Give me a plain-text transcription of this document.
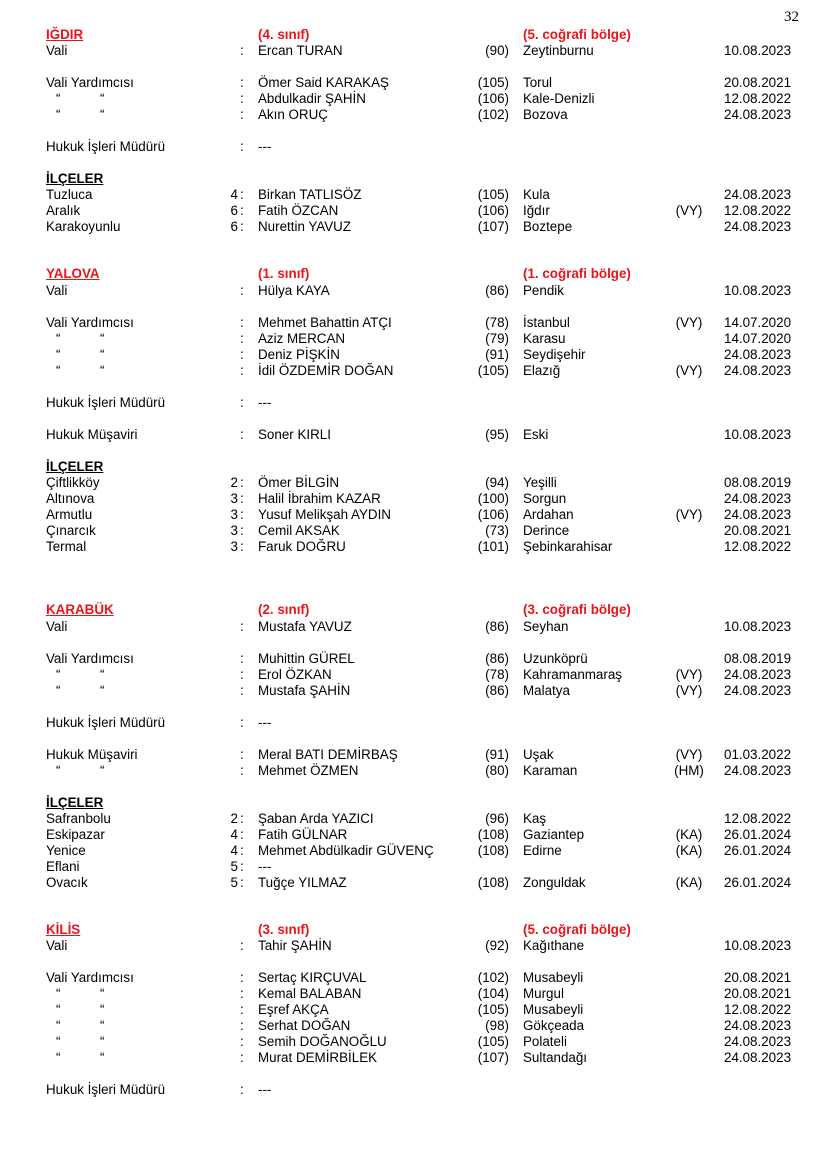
32
IĞDIR	(4. sınıf)	(5. coğrafi bölge)
Vali	: Ercan TURAN	(90) Zeytinburnu	10.08.2023
Vali Yardımcısı	: Ömer Said KARAKAŞ	(105) Torul	20.08.2021
“	“	: Abdulkadir ŞAHİN	(106) Kale-Denizli	12.08.2022
“	“	: Akın ORUÇ	(102) Bozova	24.08.2023
Hukuk İşleri Müdürü	: ---
İLÇELER
Tuzluca	4 : Birkan TATLISÖZ	(105) Kula	24.08.2023
Aralık	6 : Fatih ÖZCAN	(106) Iğdır	(VY) 12.08.2022
Karakoyunlu	6 : Nurettin YAVUZ	(107) Boztepe	24.08.2023
YALOVA	(1. sınıf)	(1. coğrafi bölge)
Vali	: Hülya KAYA	(86) Pendik	10.08.2023
Vali Yardımcısı	: Mehmet Bahattin ATÇI	(78) İstanbul	(VY) 14.07.2020
“	“	: Aziz MERCAN	(79) Karasu	14.07.2020
“	“	: Deniz PİŞKİN	(91) Seydişehir	24.08.2023
“	“	: İdil ÖZDEMİR DOĞAN	(105) Elazığ	(VY) 24.08.2023
Hukuk İşleri Müdürü	: ---
Hukuk Müşaviri	: Soner KIRLI	(95) Eski	10.08.2023
İLÇELER
Çiftlikköy	2 : Ömer BİLGİN	(94) Yeşilli	08.08.2019
Altınova	3 : Halil İbrahim KAZAR	(100) Sorgun	24.08.2023
Armutlu	3 : Yusuf Melikşah AYDIN	(106) Ardahan	(VY) 24.08.2023
Çınarcık	3 : Cemil AKSAK	(73) Derince	20.08.2021
Termal	3 : Faruk DOĞRU	(101) Şebinkarahisar	12.08.2022
KARABÜK	(2. sınıf)	(3. coğrafi bölge)
Vali	: Mustafa YAVUZ	(86) Seyhan	10.08.2023
Vali Yardımcısı	: Muhittin GÜREL	(86) Uzunköprü	08.08.2019
“	“	: Erol ÖZKAN	(78) Kahramanmaraş	(VY) 24.08.2023
“	“	: Mustafa ŞAHİN	(86) Malatya	(VY) 24.08.2023
Hukuk İşleri Müdürü	: ---
Hukuk Müşaviri	: Meral BATI DEMİRBAŞ	(91) Uşak	(VY) 01.03.2022
“	“	: Mehmet ÖZMEN	(80) Karaman	(HM) 24.08.2023
İLÇELER
Safranbolu	2 : Şaban Arda YAZICI	(96) Kaş	12.08.2022
Eskipazar	4 : Fatih GÜLNAR	(108) Gaziantep	(KA) 26.01.2024
Yenice	4 : Mehmet Abdülkadir GÜVENÇ	(108) Edirne	(KA) 26.01.2024
Eflani	5 : ---
Ovacık	5 : Tuğçe YILMAZ	(108) Zonguldak	(KA) 26.01.2024
KİLİS	(3. sınıf)	(5. coğrafi bölge)
Vali	: Tahir ŞAHİN	(92) Kağıthane	10.08.2023
Vali Yardımcısı	: Sertaç KIRÇUVAL	(102) Musabeyli	20.08.2021
“	“	: Kemal BALABAN	(104) Murgul	20.08.2021
“	“	: Eşref AKÇA	(105) Musabeyli	12.08.2022
“	“	: Serhat DOĞAN	(98) Gökçeada	24.08.2023
“	“	: Semih DOĞANOĞLU	(105) Polateli	24.08.2023
“	“	: Murat DEMİRBİLEK	(107) Sultandağı	24.08.2023
Hukuk İşleri Müdürü	: ---
